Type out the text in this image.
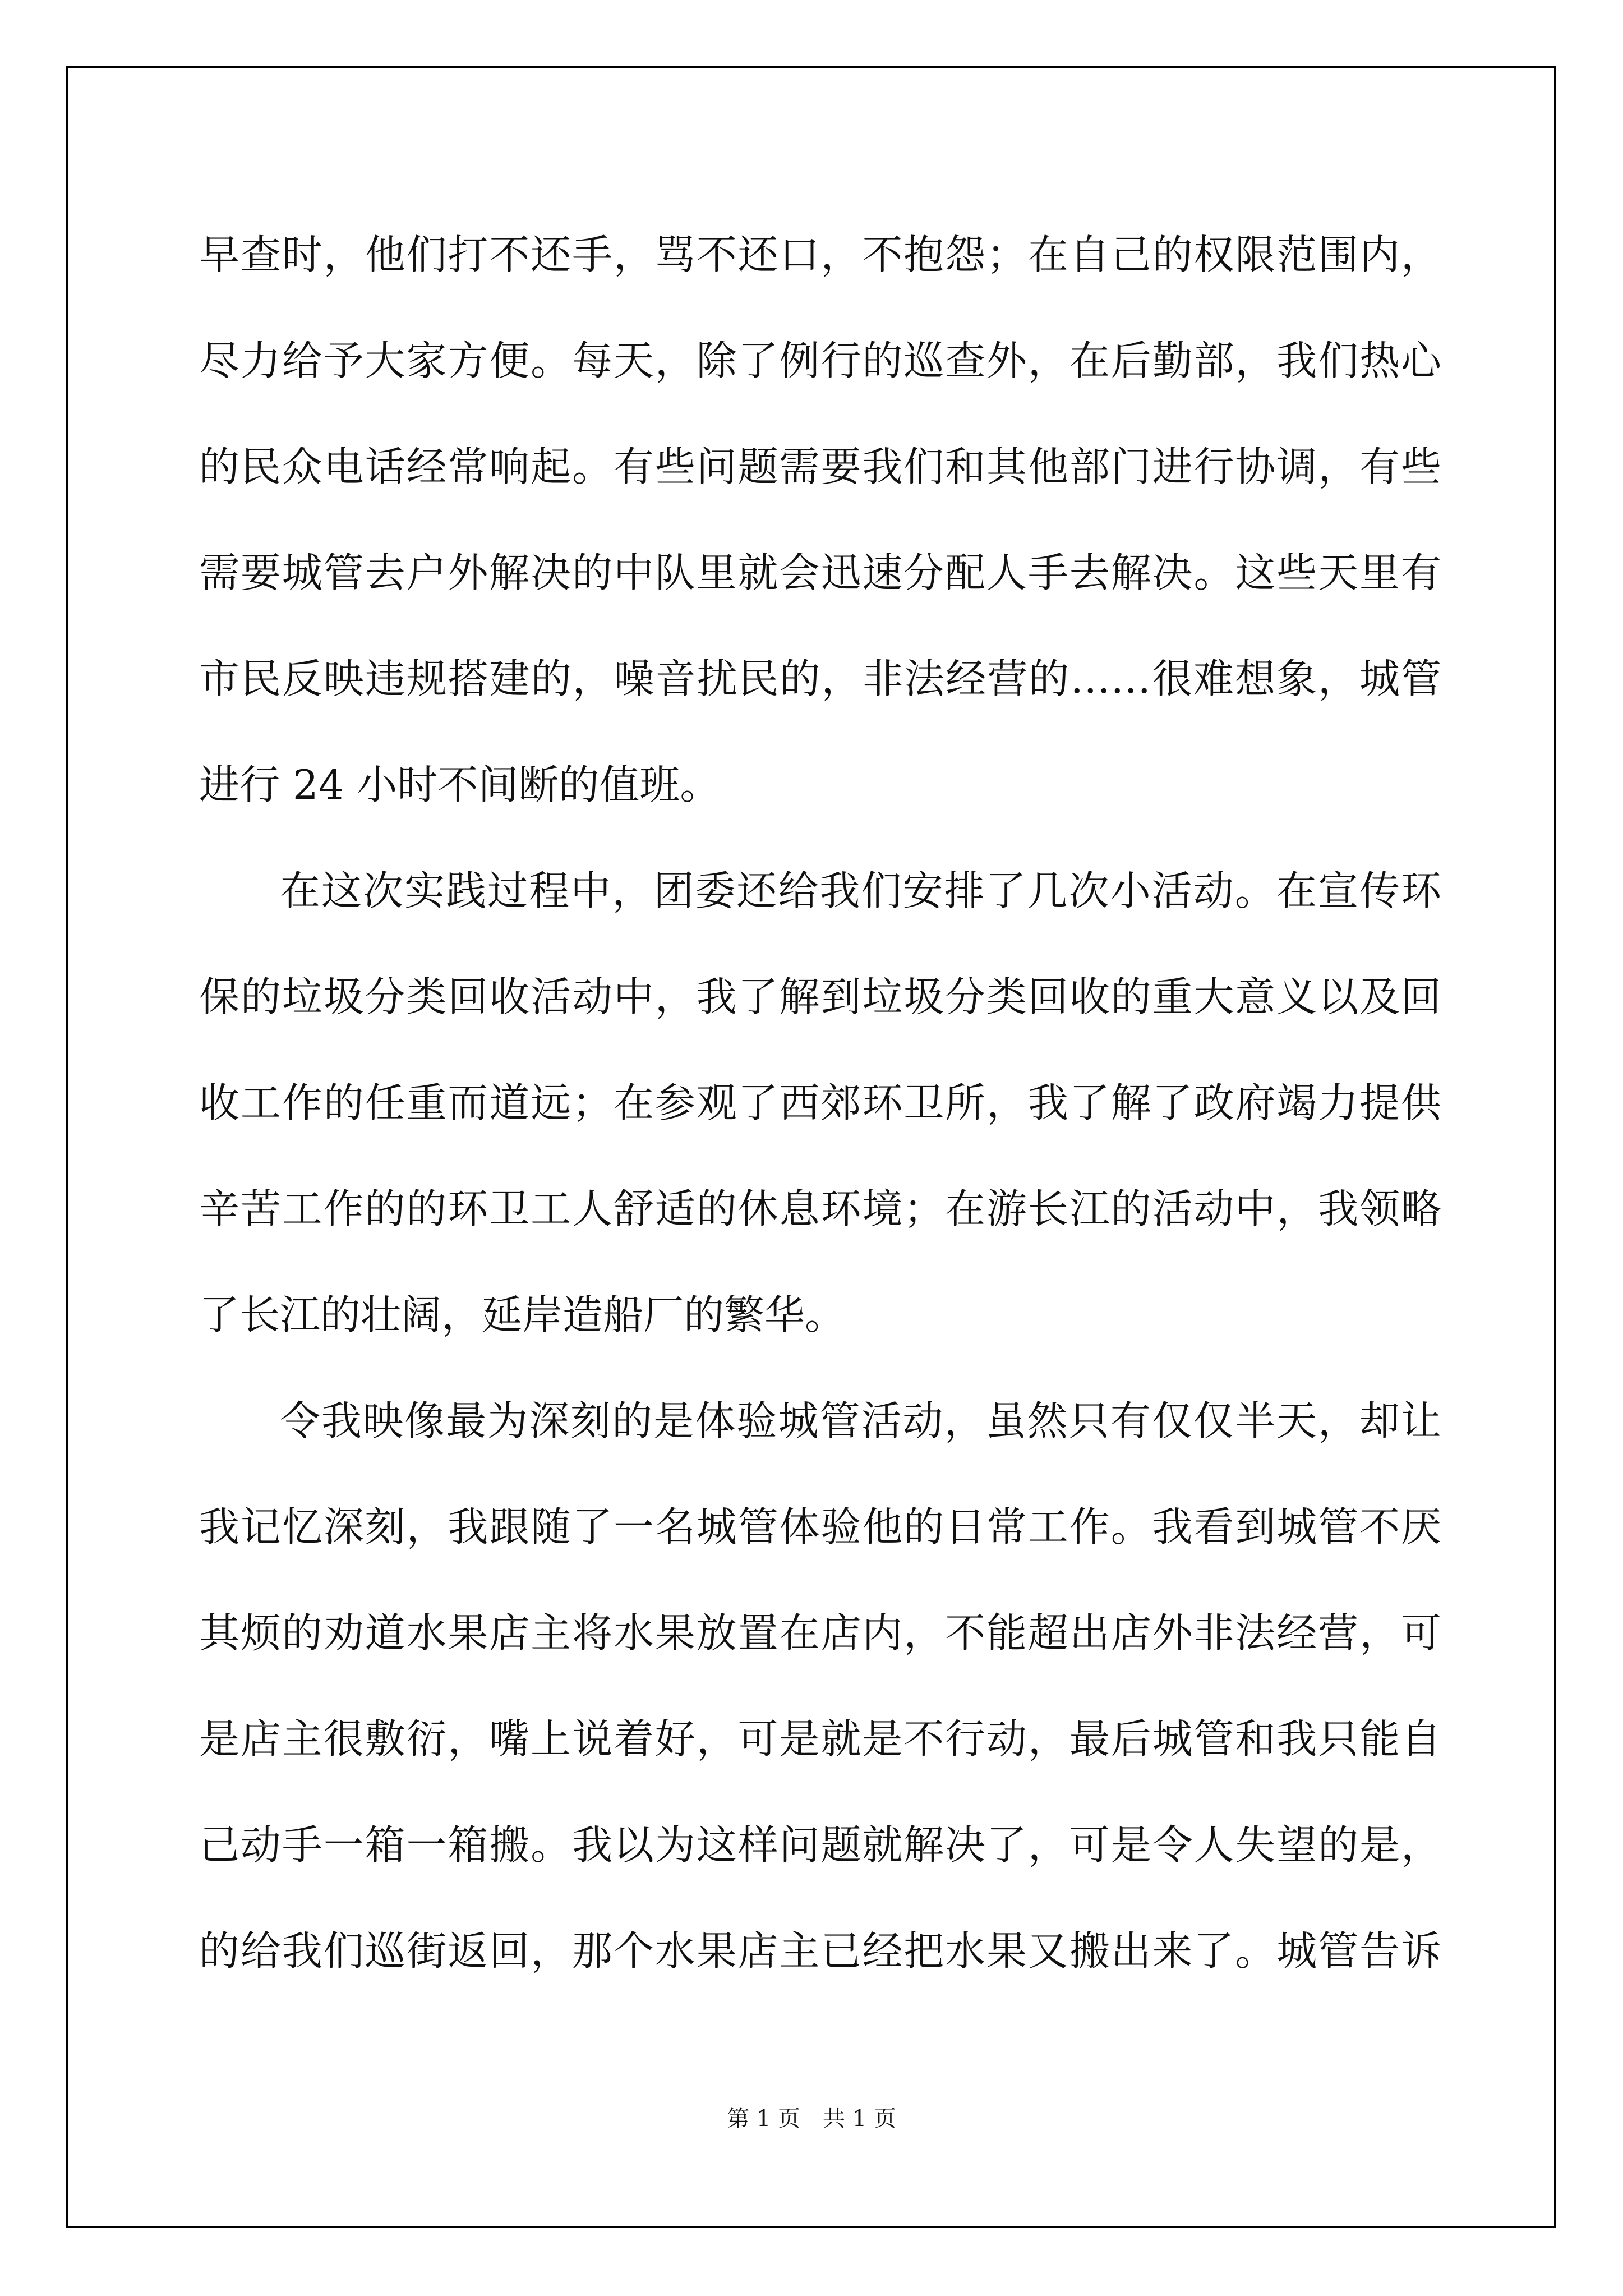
早查时，他们打不还手，骂不还口，不抱怨；在自己的权限范围内，
尽力给予大家方便。每天，除了例行的巡查外，在后勤部，我们热心
的民众电话经常响起。有些问题需要我们和其他部门进行协调，有些
需要城管去户外解决的中队里就会迅速分配人手去解决。这些天里有
市民反映违规搭建的，噪音扰民的，非法经营的……很难想象，城管
进行 24 小时不间断的值班。
在这次实践过程中，团委还给我们安排了几次小活动。在宣传环
保的垃圾分类回收活动中，我了解到垃圾分类回收的重大意义以及回
收工作的任重而道远；在参观了西郊环卫所，我了解了政府竭力提供
辛苦工作的的环卫工人舒适的休息环境；在游长江的活动中，我领略
了长江的壮阔，延岸造船厂的繁华。
令我映像最为深刻的是体验城管活动，虽然只有仅仅半天，却让
我记忆深刻，我跟随了一名城管体验他的日常工作。我看到城管不厌
其烦的劝道水果店主将水果放置在店内，不能超出店外非法经营，可
是店主很敷衍，嘴上说着好，可是就是不行动，最后城管和我只能自
己动手一箱一箱搬。我以为这样问题就解决了，可是令人失望的是，
的给我们巡街返回，那个水果店主已经把水果又搬出来了。城管告诉
第 1 页　共 1 页
